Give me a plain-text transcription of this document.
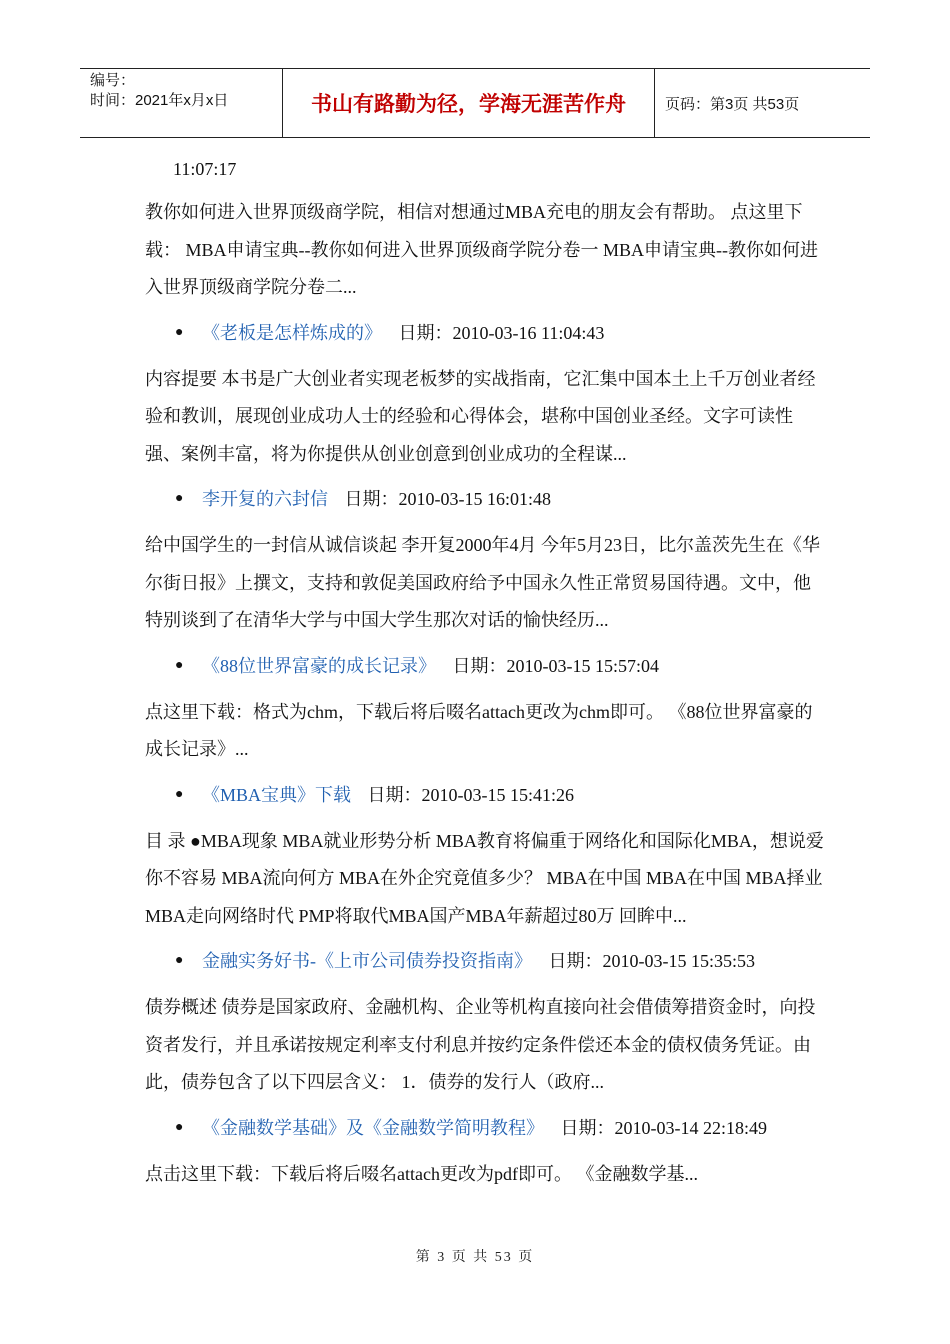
编号：
时间：2021年x月x日	书山有路勤为径，学海无涯苦作舟	页码：第3页 共53页
11:07:17
教你如何进入世界顶级商学院，相信对想通过MBA充电的朋友会有帮助。 点这里下载： MBA申请宝典--教你如何进入世界顶级商学院分卷一 MBA申请宝典--教你如何进入世界顶级商学院分卷二...
● 《老板是怎样炼成的》 日期：2010-03-16 11:04:43
内容提要 本书是广大创业者实现老板梦的实战指南，它汇集中国本土上千万创业者经验和教训，展现创业成功人士的经验和心得体会，堪称中国创业圣经。文字可读性强、案例丰富，将为你提供从创业创意到创业成功的全程谋...
● 李开复的六封信 日期：2010-03-15 16:01:48
给中国学生的一封信从诚信谈起 李开复2000年4月 今年5月23日，比尔盖茨先生在《华尔街日报》上撰文，支持和敦促美国政府给予中国永久性正常贸易国待遇。文中，他特别谈到了在清华大学与中国大学生那次对话的愉快经历...
● 《88位世界富豪的成长记录》 日期：2010-03-15 15:57:04
点这里下载：格式为chm，下载后将后啜名attach更改为chm即可。 《88位世界富豪的成长记录》...
● 《MBA宝典》下载 日期：2010-03-15 15:41:26
目 录 ●MBA现象 MBA就业形势分析 MBA教育将偏重于网络化和国际化MBA，想说爱你不容易 MBA流向何方 MBA在外企究竟值多少？ MBA在中国 MBA在中国 MBA择业 MBA走向网络时代 PMP将取代MBA国产MBA年薪超过80万 回眸中...
● 金融实务好书-《上市公司债券投资指南》 日期：2010-03-15 15:35:53
债券概述 债券是国家政府、金融机构、企业等机构直接向社会借债筹措资金时，向投资者发行，并且承诺按规定利率支付利息并按约定条件偿还本金的债权债务凭证。由此，债券包含了以下四层含义： 1．债券的发行人（政府...
● 《金融数学基础》及《金融数学简明教程》 日期：2010-03-14 22:18:49
点击这里下载：下载后将后啜名attach更改为pdf即可。 《金融数学基...
第 3 页 共 53 页
